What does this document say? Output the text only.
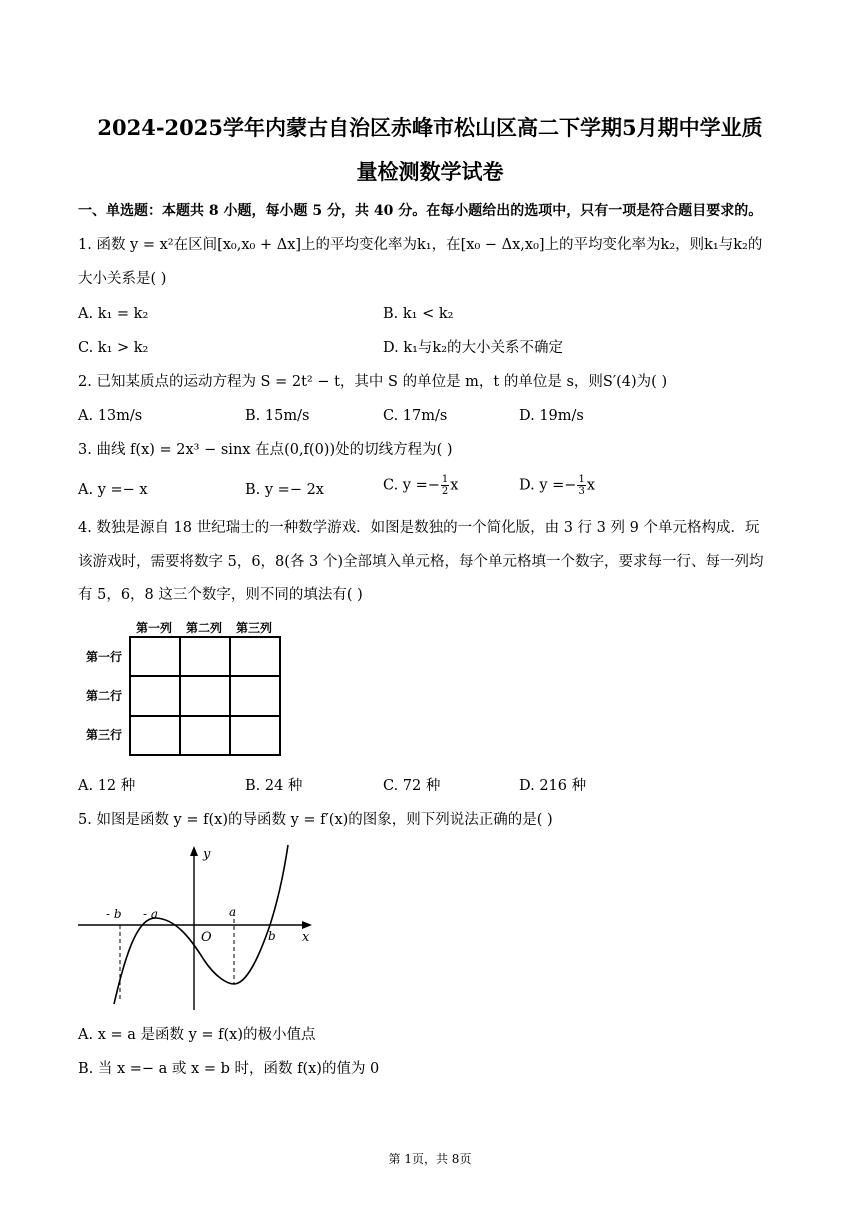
2024-2025学年内蒙古自治区赤峰市松山区高二下学期5月期中学业质
量检测数学试卷
一、单选题：本题共 8 小题，每小题 5 分，共 40 分。在每小题给出的选项中，只有一项是符合题目要求的。
1. 函数 y = x²在区间[x₀,x₀ + Δx]上的平均变化率为k₁，在[x₀ − Δx,x₀]上的平均变化率为k₂，则k₁与k₂的
大小关系是( )
A. k₁ = k₂	B. k₁ < k₂
C. k₁ > k₂	D. k₁与k₂的大小关系不确定
2. 已知某质点的运动方程为 S = 2t² − t，其中 S 的单位是 m，t 的单位是 s，则S′(4)为( )
A. 13m/s	B. 15m/s	C. 17m/s	D. 19m/s
3. 曲线 f(x) = 2x³ − sinx 在点(0,f(0))处的切线方程为( )
A. y =− x	B. y =− 2x	C. $y =- \frac{1}{2}$ x	D. $y =- \frac{1}{3}$ x
4. 数独是源自 18 世纪瑞士的一种数学游戏．如图是数独的一个简化版，由 3 行 3 列 9 个单元格构成．玩
该游戏时，需要将数字 5，6，8(各 3 个)全部填入单元格，每个单元格填一个数字，要求每一行、每一列均
有 5，6，8 这三个数字，则不同的填法有( )
第一列 第二列 第三列
第一行
第二行
第三行
A. 12 种	B. 24 种	C. 72 种	D. 216 种
5. 如图是函数 y = f(x)的导函数 y = f′(x)的图象，则下列说法正确的是( )
y
x
O
- b - a	a
b
A. x = a 是函数 y = f(x)的极小值点
B. 当 x =− a 或 x = b 时，函数 f(x)的值为 0
第 1页，共 8页
